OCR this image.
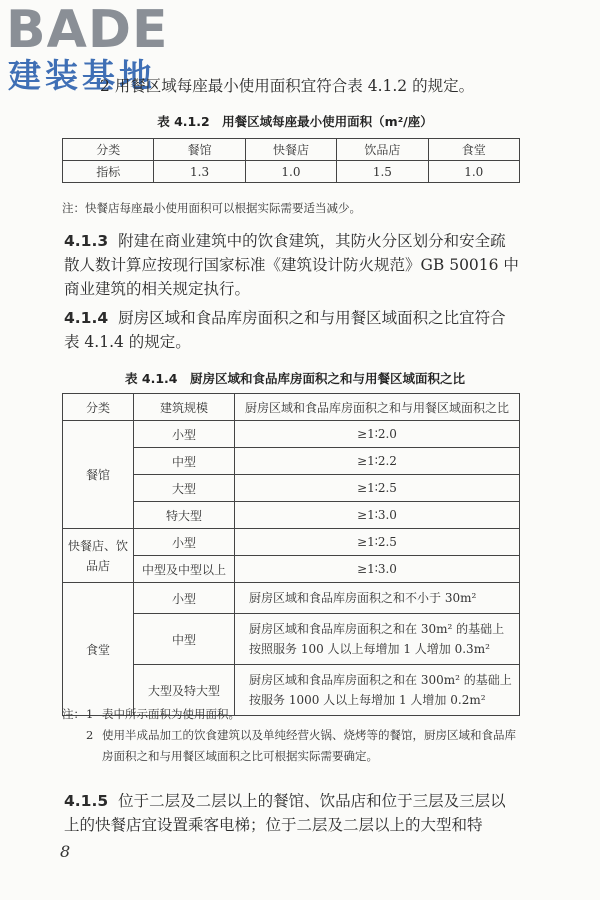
BADE
建装基地

2 用餐区域每座最小使用面积宜符合表 4.1.2 的规定。

表 4.1.2　用餐区域每座最小使用面积（m²/座）
分类	餐馆	快餐店	饮品店	食堂
指标	1.3	1.0	1.5	1.0

注：快餐店每座最小使用面积可以根据实际需要适当减少。

4.1.3 附建在商业建筑中的饮食建筑，其防火分区划分和安全疏散人数计算应按现行国家标准《建筑设计防火规范》GB 50016 中商业建筑的相关规定执行。

4.1.4 厨房区域和食品库房面积之和与用餐区域面积之比宜符合表 4.1.4 的规定。

表 4.1.4　厨房区域和食品库房面积之和与用餐区域面积之比
分类	建筑规模	厨房区域和食品库房面积之和与用餐区域面积之比
餐馆	小型	≥1∶2.0
	中型	≥1∶2.2
	大型	≥1∶2.5
	特大型	≥1∶3.0
快餐店、饮品店	小型	≥1∶2.5
	中型及中型以上	≥1∶3.0
食堂	小型	厨房区域和食品库房面积之和不小于 30m²
	中型	厨房区域和食品库房面积之和在 30m² 的基础上按照服务 100 人以上每增加 1 人增加 0.3m²
	大型及特大型	厨房区域和食品库房面积之和在 300m² 的基础上按服务 1000 人以上每增加 1 人增加 0.2m²
注： 1 表中所示面积为使用面积。
2 使用半成品加工的饮食建筑以及单纯经营火锅、烧烤等的餐馆，厨房区域和食品库房面积之和与用餐区域面积之比可根据实际需要确定。

4.1.5 位于二层及二层以上的餐馆、饮品店和位于三层及三层以上的快餐店宜设置乘客电梯；位于二层及二层以上的大型和特

8
